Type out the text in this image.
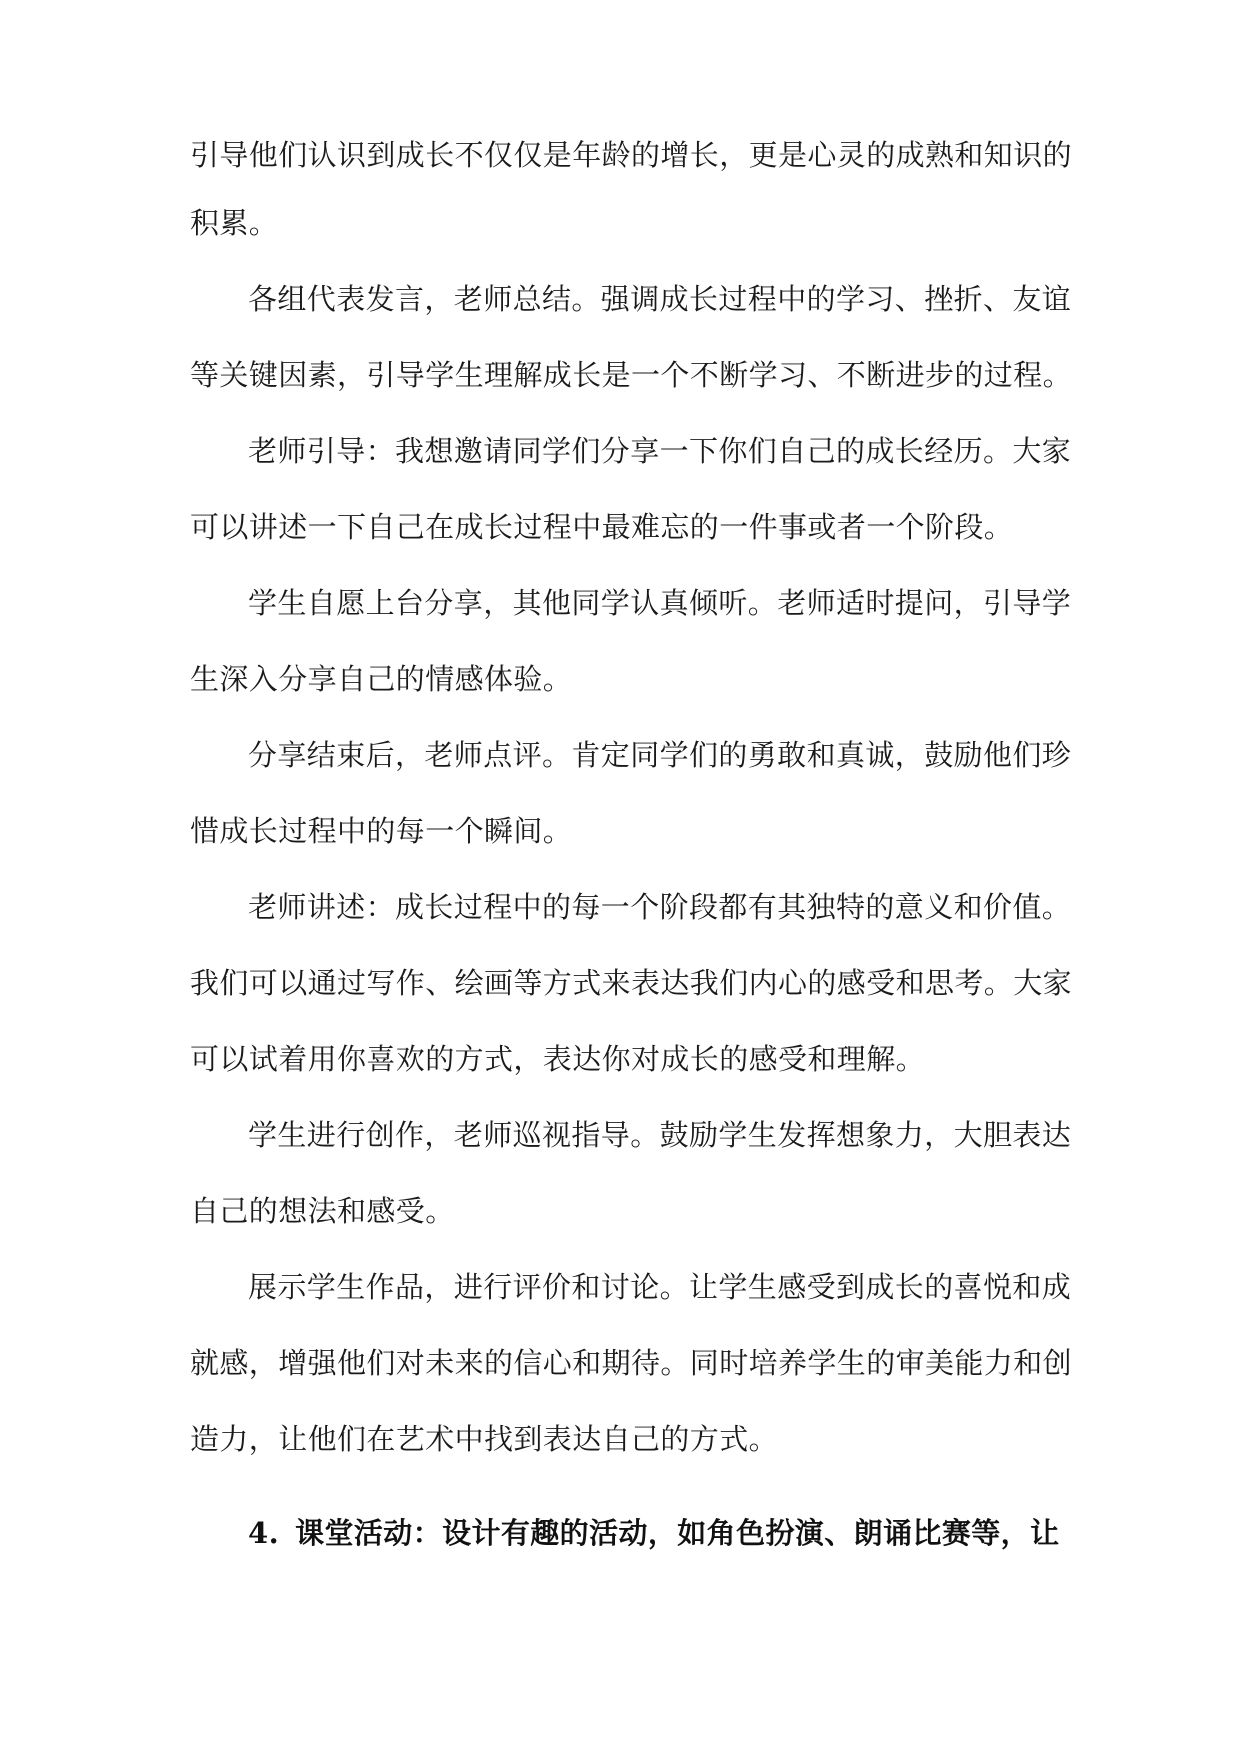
引导他们认识到成长不仅仅是年龄的增长，更是心灵的成熟和知识的
积累。
各组代表发言，老师总结。强调成长过程中的学习、挫折、友谊
等关键因素，引导学生理解成长是一个不断学习、不断进步的过程。
老师引导：我想邀请同学们分享一下你们自己的成长经历。大家
可以讲述一下自己在成长过程中最难忘的一件事或者一个阶段。
学生自愿上台分享，其他同学认真倾听。老师适时提问，引导学
生深入分享自己的情感体验。
分享结束后，老师点评。肯定同学们的勇敢和真诚，鼓励他们珍
惜成长过程中的每一个瞬间。
老师讲述：成长过程中的每一个阶段都有其独特的意义和价值。
我们可以通过写作、绘画等方式来表达我们内心的感受和思考。大家
可以试着用你喜欢的方式，表达你对成长的感受和理解。
学生进行创作，老师巡视指导。鼓励学生发挥想象力，大胆表达
自己的想法和感受。
展示学生作品，进行评价和讨论。让学生感受到成长的喜悦和成
就感，增强他们对未来的信心和期待。同时培养学生的审美能力和创
造力，让他们在艺术中找到表达自己的方式。
4. 课堂活动：设计有趣的活动，如角色扮演、朗诵比赛等，让
